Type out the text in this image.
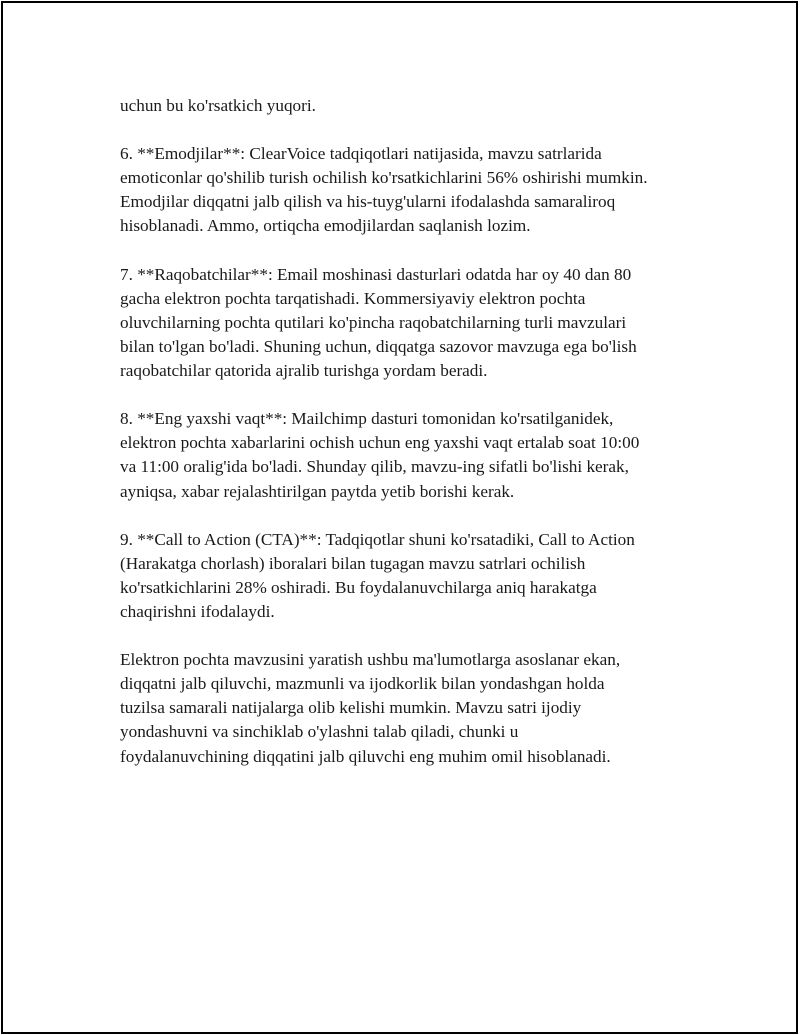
uchun bu ko'rsatkich yuqori.

6. **Emodjilar**: ClearVoice tadqiqotlari natijasida, mavzu satrlarida
emoticonlar qo'shilib turish ochilish ko'rsatkichlarini 56% oshirishi mumkin.
Emodjilar diqqatni jalb qilish va his-tuyg'ularni ifodalashda samaraliroq
hisoblanadi. Ammo, ortiqcha emodjilardan saqlanish lozim.

7. **Raqobatchilar**: Email moshinasi dasturlari odatda har oy 40 dan 80
gacha elektron pochta tarqatishadi. Kommersiyaviy elektron pochta
oluvchilarning pochta qutilari ko'pincha raqobatchilarning turli mavzulari
bilan to'lgan bo'ladi. Shuning uchun, diqqatga sazovor mavzuga ega bo'lish
raqobatchilar qatorida ajralib turishga yordam beradi.

8. **Eng yaxshi vaqt**: Mailchimp dasturi tomonidan ko'rsatilganidek,
elektron pochta xabarlarini ochish uchun eng yaxshi vaqt ertalab soat 10:00
va 11:00 oralig'ida bo'ladi. Shunday qilib, mavzu-ing sifatli bo'lishi kerak,
ayniqsa, xabar rejalashtirilgan paytda yetib borishi kerak.

9. **Call to Action (CTA)**: Tadqiqotlar shuni ko'rsatadiki, Call to Action
(Harakatga chorlash) iboralari bilan tugagan mavzu satrlari ochilish
ko'rsatkichlarini 28% oshiradi. Bu foydalanuvchilarga aniq harakatga
chaqirishni ifodalaydi.

Elektron pochta mavzusini yaratish ushbu ma'lumotlarga asoslanar ekan,
diqqatni jalb qiluvchi, mazmunli va ijodkorlik bilan yondashgan holda
tuzilsa samarali natijalarga olib kelishi mumkin. Mavzu satri ijodiy
yondashuvni va sinchiklab o'ylashni talab qiladi, chunki u
foydalanuvchining diqqatini jalb qiluvchi eng muhim omil hisoblanadi.
